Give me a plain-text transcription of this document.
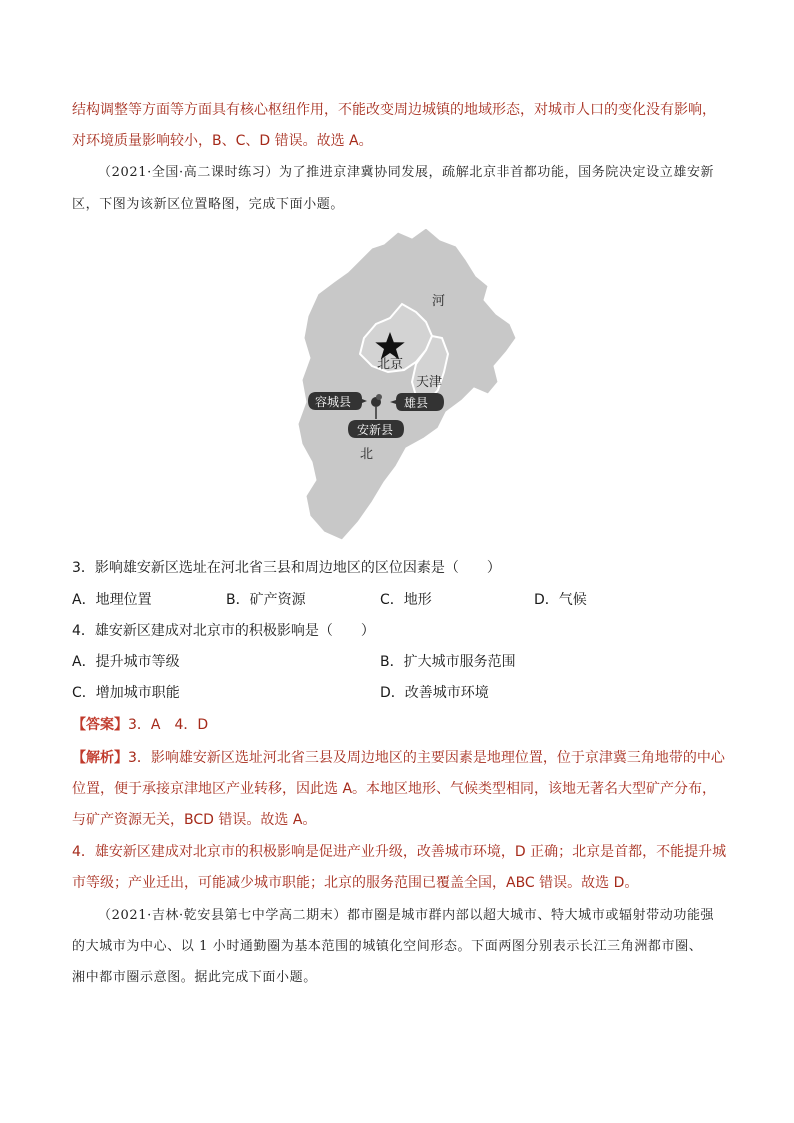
结构调整等方面等方面具有核心枢纽作用，不能改变周边城镇的地域形态，对城市人口的变化没有影响，
对环境质量影响较小，B、C、D 错误。故选 A。
（2021·全国·高二课时练习）为了推进京津冀协同发展，疏解北京非首都功能，国务院决定设立雄安新
区，下图为该新区位置略图，完成下面小题。
北京
天津
河
北
容城县	雄县
安新县
3．影响雄安新区选址在河北省三县和周边地区的区位因素是（　　）
A．地理位置	B．矿产资源	C．地形	D．气候
4．雄安新区建成对北京市的积极影响是（　　）
A．提升城市等级	B．扩大城市服务范围
C．增加城市职能	D．改善城市环境
【答案】3．A　4．D
【解析】3．影响雄安新区选址河北省三县及周边地区的主要因素是地理位置，位于京津冀三角地带的中心
位置，便于承接京津地区产业转移，因此选 A。本地区地形、气候类型相同，该地无著名大型矿产分布，
与矿产资源无关，BCD 错误。故选 A。
4．雄安新区建成对北京市的积极影响是促进产业升级，改善城市环境，D 正确；北京是首都，不能提升城
市等级；产业迁出，可能减少城市职能；北京的服务范围已覆盖全国，ABC 错误。故选 D。
（2021·吉林·乾安县第七中学高二期末）都市圈是城市群内部以超大城市、特大城市或辐射带动功能强
的大城市为中心、以 1 小时通勤圈为基本范围的城镇化空间形态。下面两图分别表示长江三角洲都市圈、
湘中都市圈示意图。据此完成下面小题。
